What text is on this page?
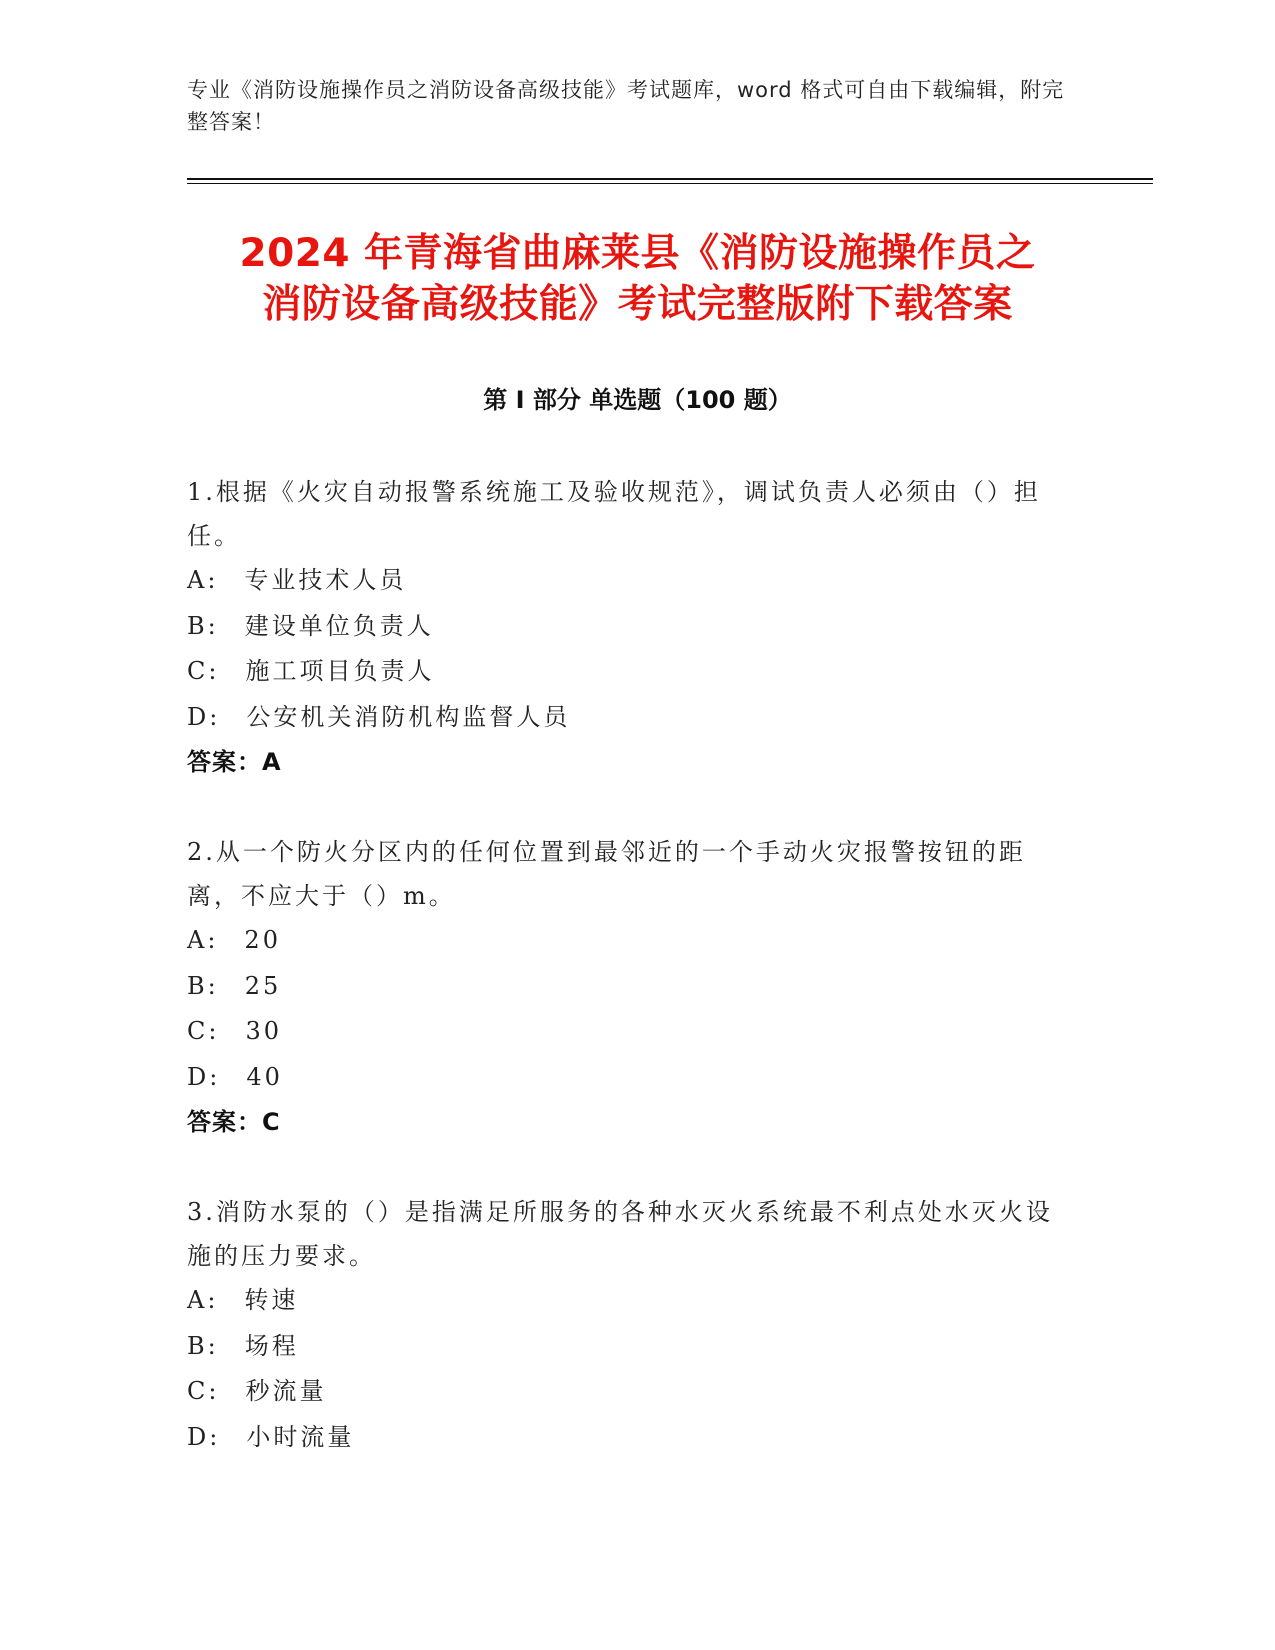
专业《消防设施操作员之消防设备高级技能》考试题库，word 格式可自由下载编辑，附完整答案！
2024 年青海省曲麻莱县《消防设施操作员之
消防设备高级技能》考试完整版附下载答案
第 I 部分 单选题（100 题）
1.根据《火灾自动报警系统施工及验收规范》，调试负责人必须由（）担任。
A: 专业技术人员
B: 建设单位负责人
C: 施工项目负责人
D: 公安机关消防机构监督人员
答案：A
2.从一个防火分区内的任何位置到最邻近的一个手动火灾报警按钮的距离，不应大于（）m。
A: 20
B: 25
C: 30
D: 40
答案：C
3.消防水泵的（）是指满足所服务的各种水灭火系统最不利点处水灭火设施的压力要求。
A: 转速
B: 场程
C: 秒流量
D: 小时流量
